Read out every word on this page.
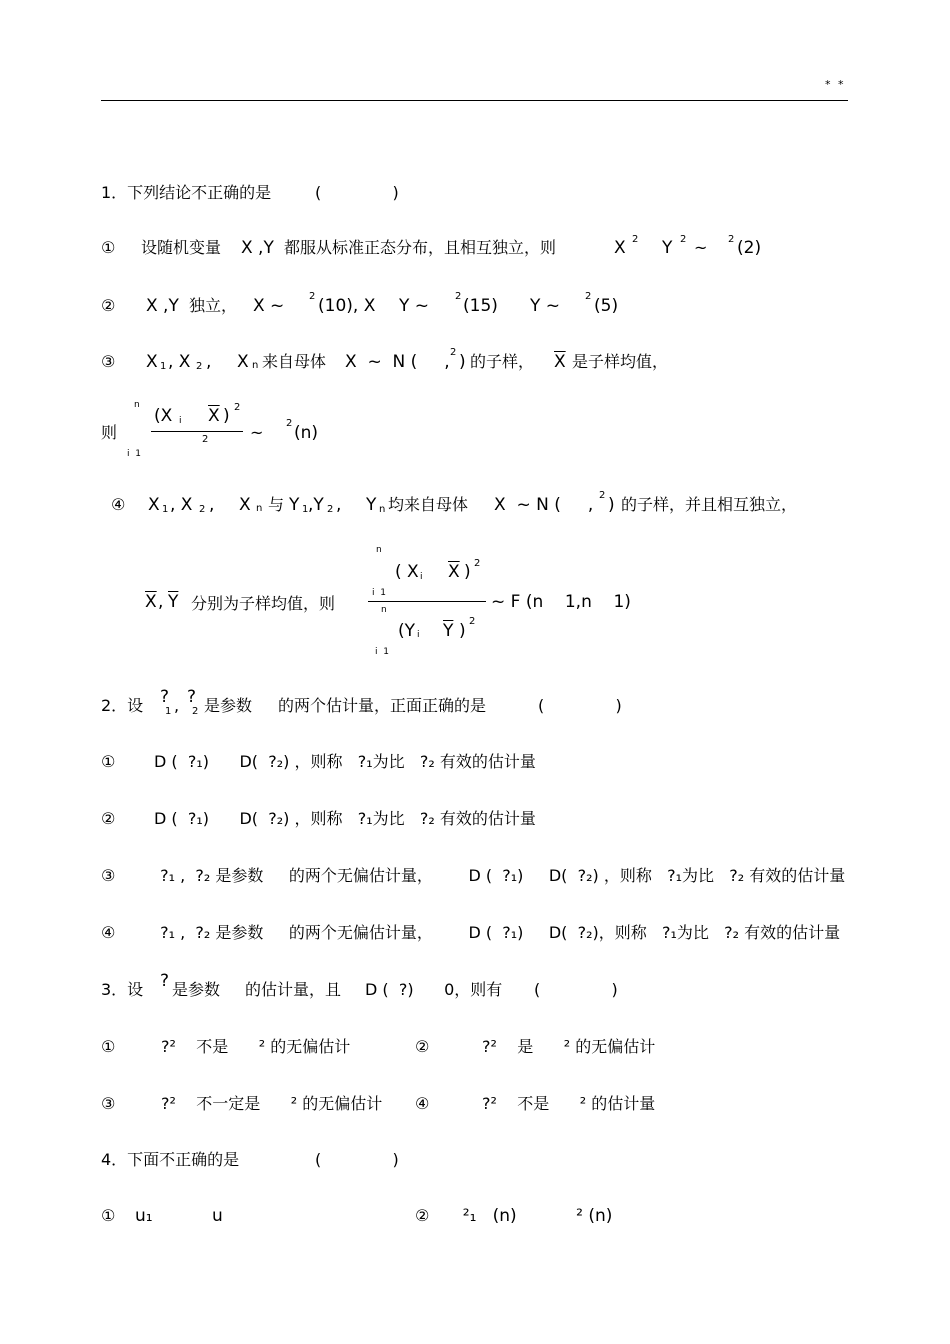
* *
1．下列结论不正确的是	(              )
① 设随机变量 X ,Y 都服从标准正态分布，且相互独立，则	X 2 Y 2 ~ 2 (2)
② X ,Y 独立， X ~ 2 (10), X Y ~	2 (15) Y ~ 2 (5)
③ X 1 , X 2 , X n 来自母体 X  ~  N (     , 2 ) 的子样， $\overline{X}$ 是子样均值，
则
n
i  1
(X i $\overline{X}$ ) 2
2	~ 2 (n)
④ X 1 , X 2 , X n 与 Y 1 ,Y 2 , Y n 均来自母体 X  ~ N (     , 2 ) 的子样，并且相互独立，
$\overline{X}$ , $\overline{Y}$ 分别为子样均值，则
n
i  1
( X i $\overline{X}$ ) 2
n
i  1
(Y i $\overline{Y}$ ) 2
~ F (n    1,n    1)
2．设 ?
1 , ?
2 是参数 的两个估计量，正面正确的是	(              )
① D (  ?₁)      D(  ?₂) ，则称   ?₁为比   ?₂ 有效的估计量
② D (  ?₁)      D(  ?₂) ，则称   ?₁为比   ?₂ 有效的估计量
③ ?₁ ,  ?₂ 是参数     的两个无偏估计量，       D (  ?₁)     D(  ?₂) ，则称   ?₁为比   ?₂ 有效的估计量
④ ?₁ ,  ?₂ 是参数     的两个无偏估计量，       D (  ?₁)     D(  ?₂)，则称   ?₁为比   ?₂ 有效的估计量
3．设 ? 是参数 的估计量，且 D (  ?)      0，则有 (              )
①	?²    不是      ² 的无偏估计	②	?²    是      ² 的无偏估计
③	?²    不一定是      ² 的无偏估计 ④	?²    不是      ² 的估计量
4．下面不正确的是	(              )
① u₁           u	② ²₁   (n)           ² (n)
